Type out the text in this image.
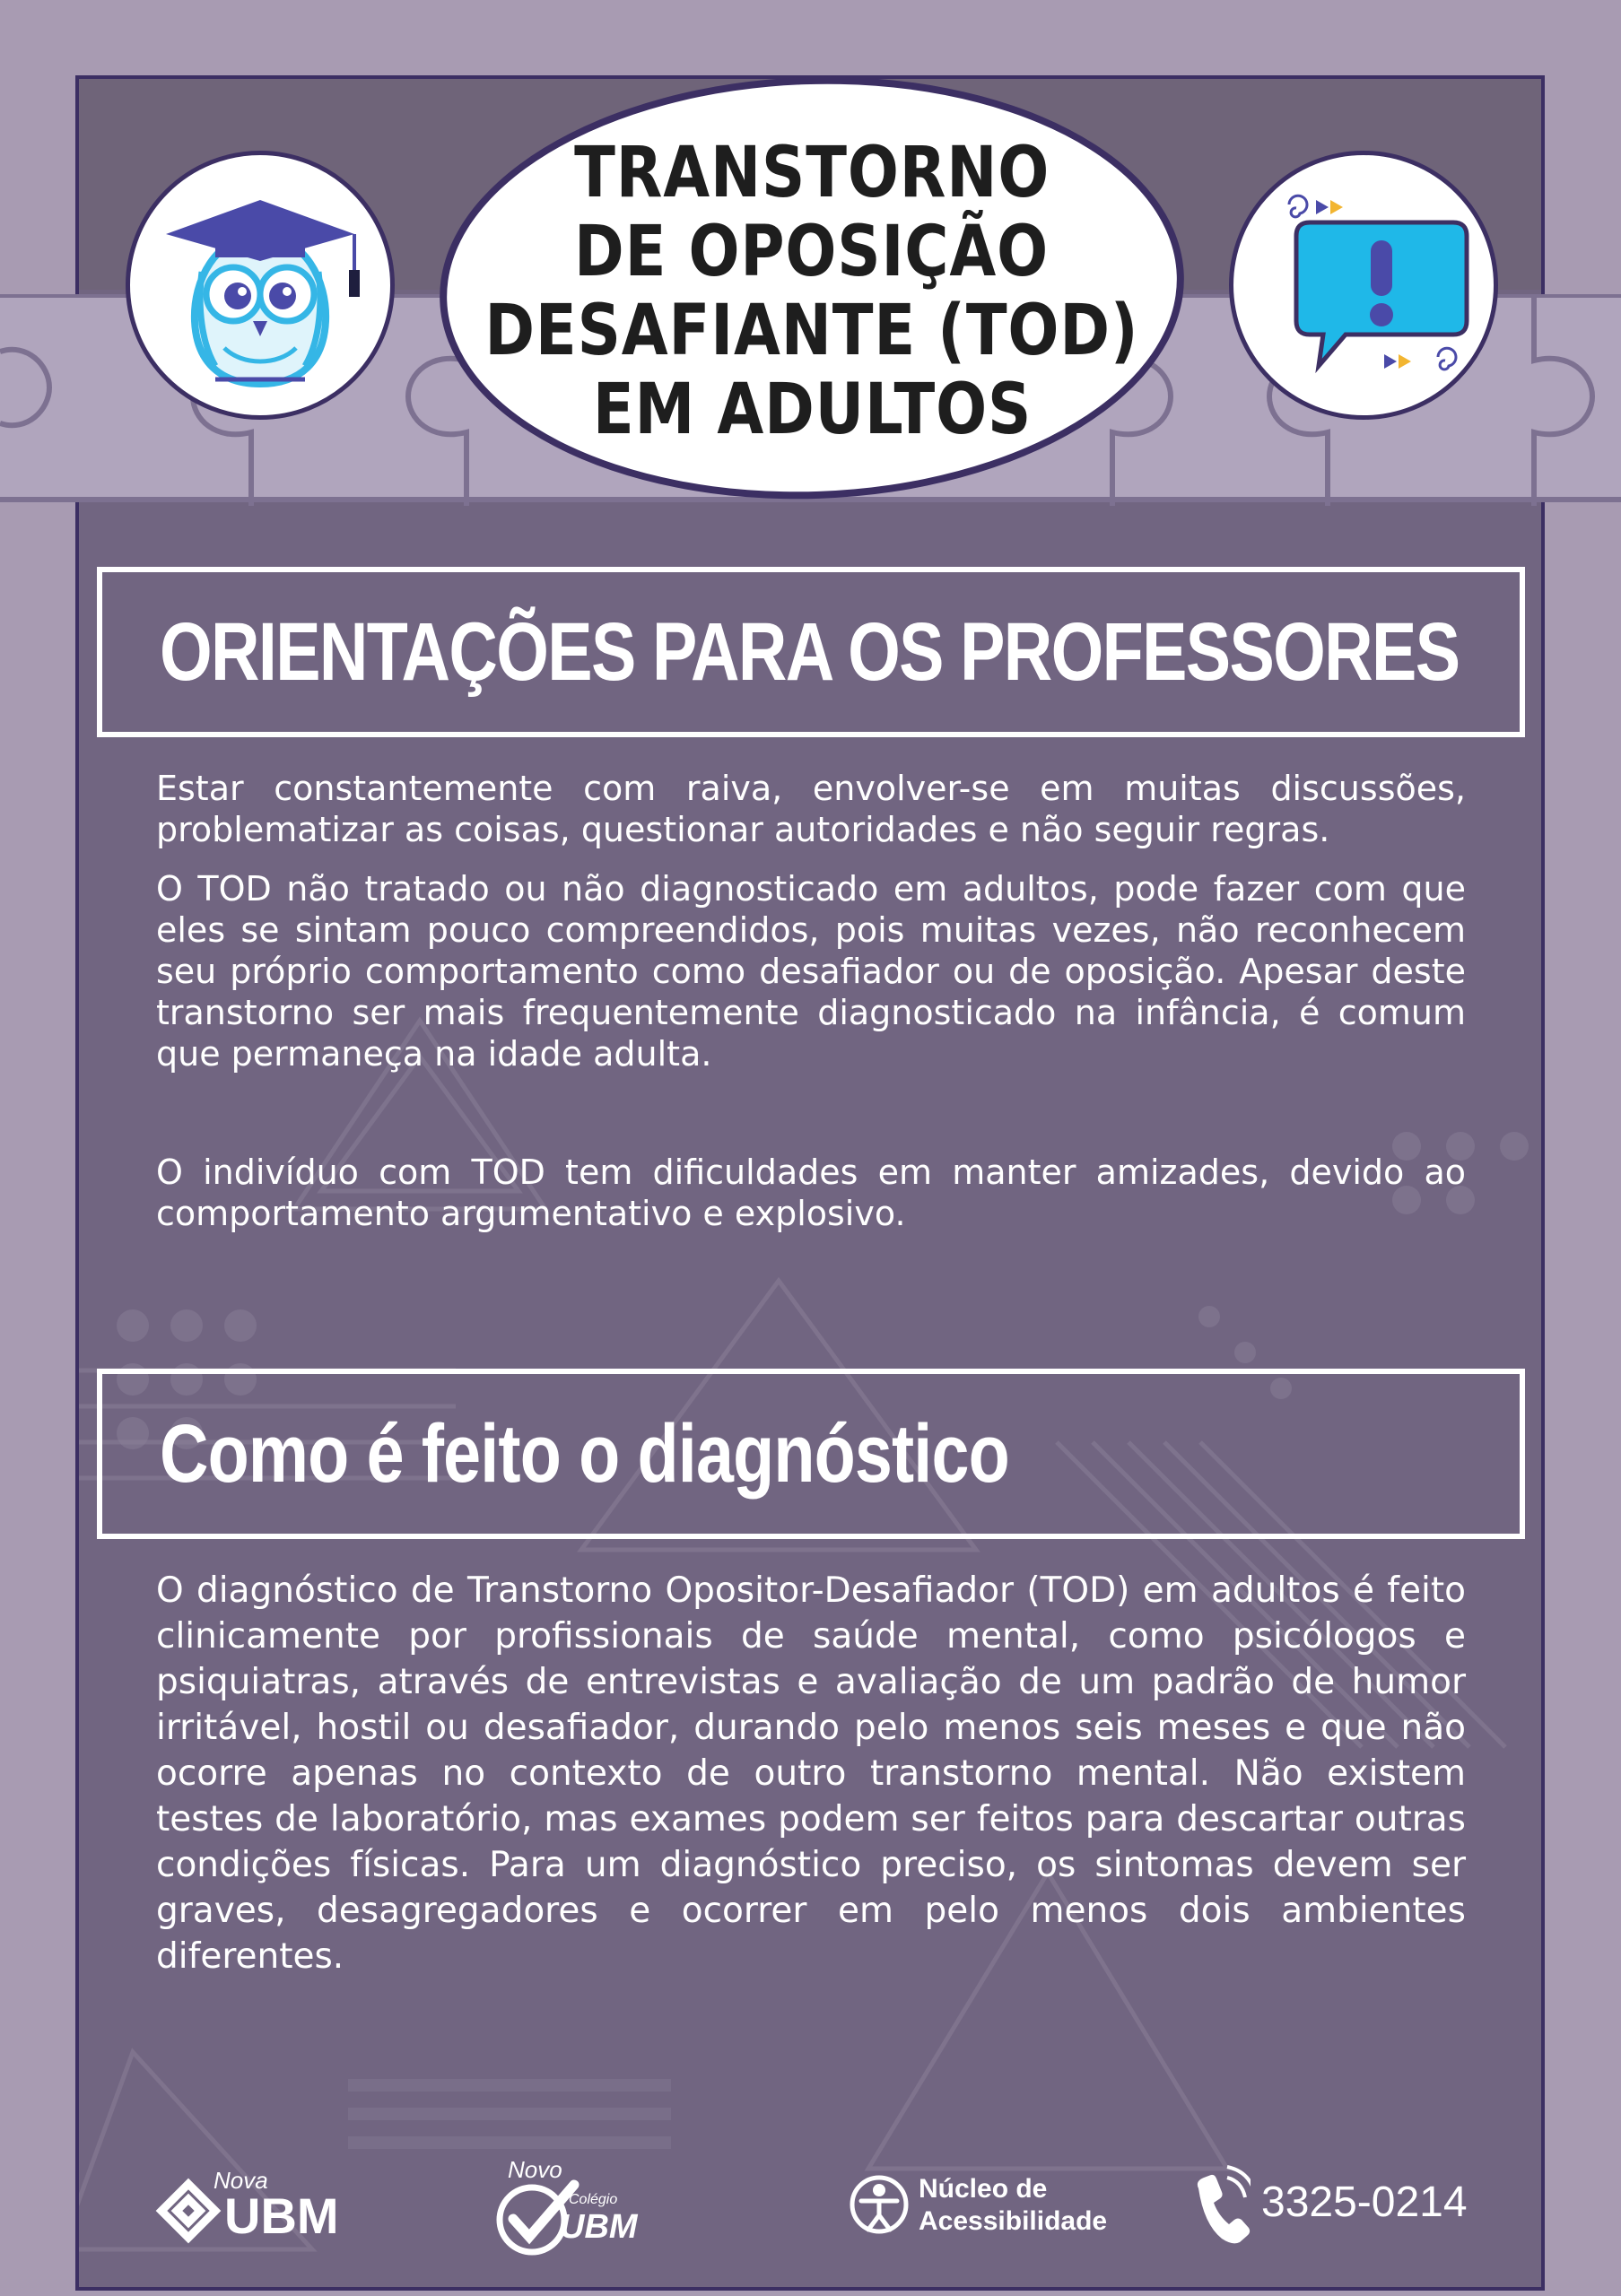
TRANSTORNO
DE OPOSIÇÃO
DESAFIANTE (TOD)
EM ADULTOS
ORIENTAÇÕES PARA OS PROFESSORES

Estar constantemente com raiva, envolver-se em muitas discussões, problematizar as coisas, questionar autoridades e não seguir regras.

O TOD não tratado ou não diagnosticado em adultos, pode fazer com que eles se sintam pouco compreendidos, pois muitas vezes, não reconhecem seu próprio comportamento como desafiador ou de oposição. Apesar deste transtorno ser mais frequentemente diagnosticado na infância, é comum que permaneça na idade adulta.

O indivíduo com TOD tem dificuldades em manter amizades, devido ao comportamento argumentativo e explosivo.

Como é feito o diagnóstico

O diagnóstico de Transtorno Opositor-Desafiador (TOD) em adultos é feito clinicamente por profissionais de saúde mental, como psicólogos e psiquiatras, através de entrevistas e avaliação de um padrão de humor irritável, hostil ou desafiador, durando pelo menos seis meses e que não ocorre apenas no contexto de outro transtorno mental. Não existem testes de laboratório, mas exames podem ser feitos para descartar outras condições físicas. Para um diagnóstico preciso, os sintomas devem ser graves, desagregadores e ocorrer em pelo menos dois ambientes diferentes.

Nova
UBM
Novo
Colégio
UBM
Núcleo de
Acessibilidade	3325-0214
